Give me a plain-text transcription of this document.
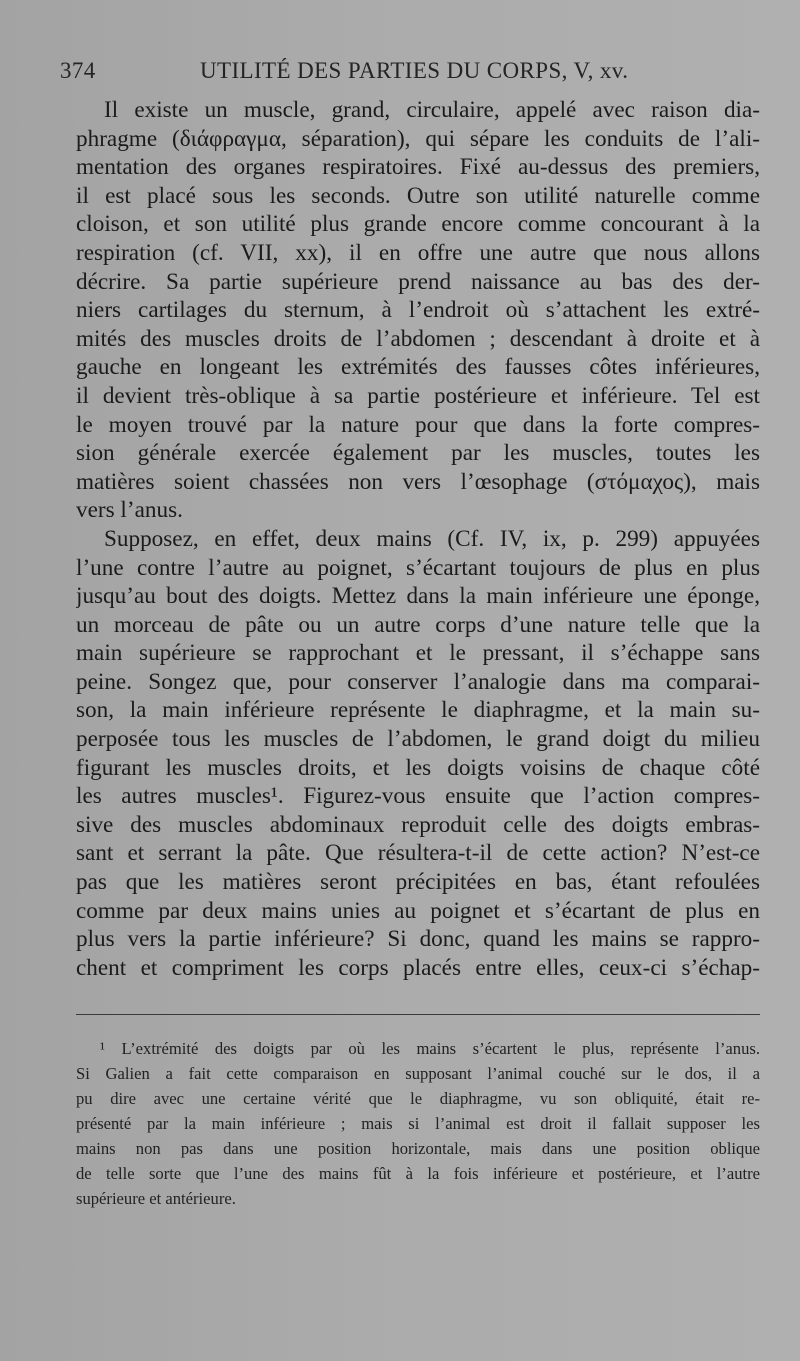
374	UTILITÉ DES PARTIES DU CORPS, V, xv.
Il existe un muscle, grand, circulaire, appelé avec raison dia-
phragme (διάφραγμα, séparation), qui sépare les conduits de l’ali-
mentation des organes respiratoires. Fixé au-dessus des premiers,
il est placé sous les seconds. Outre son utilité naturelle comme
cloison, et son utilité plus grande encore comme concourant à la
respiration (cf. VII, xx), il en offre une autre que nous allons
décrire. Sa partie supérieure prend naissance au bas des der-
niers cartilages du sternum, à l’endroit où s’attachent les extré-
mités des muscles droits de l’abdomen ; descendant à droite et à
gauche en longeant les extrémités des fausses côtes inférieures,
il devient très-oblique à sa partie postérieure et inférieure. Tel est
le moyen trouvé par la nature pour que dans la forte compres-
sion générale exercée également par les muscles, toutes les
matières soient chassées non vers l’œsophage (στόμαχος), mais
vers l’anus.
Supposez, en effet, deux mains (Cf. IV, ix, p. 299) appuyées
l’une contre l’autre au poignet, s’écartant toujours de plus en plus
jusqu’au bout des doigts. Mettez dans la main inférieure une éponge,
un morceau de pâte ou un autre corps d’une nature telle que la
main supérieure se rapprochant et le pressant, il s’échappe sans
peine. Songez que, pour conserver l’analogie dans ma comparai-
son, la main inférieure représente le diaphragme, et la main su-
perposée tous les muscles de l’abdomen, le grand doigt du milieu
figurant les muscles droits, et les doigts voisins de chaque côté
les autres muscles¹. Figurez-vous ensuite que l’action compres-
sive des muscles abdominaux reproduit celle des doigts embras-
sant et serrant la pâte. Que résultera-t-il de cette action? N’est-ce
pas que les matières seront précipitées en bas, étant refoulées
comme par deux mains unies au poignet et s’écartant de plus en
plus vers la partie inférieure? Si donc, quand les mains se rappro-
chent et compriment les corps placés entre elles, ceux-ci s’échap-
¹ L’extrémité des doigts par où les mains s’écartent le plus, représente l’anus.
Si Galien a fait cette comparaison en supposant l’animal couché sur le dos, il a
pu dire avec une certaine vérité que le diaphragme, vu son obliquité, était re-
présenté par la main inférieure ; mais si l’animal est droit il fallait supposer les
mains non pas dans une position horizontale, mais dans une position oblique
de telle sorte que l’une des mains fût à la fois inférieure et postérieure, et l’autre
supérieure et antérieure.
